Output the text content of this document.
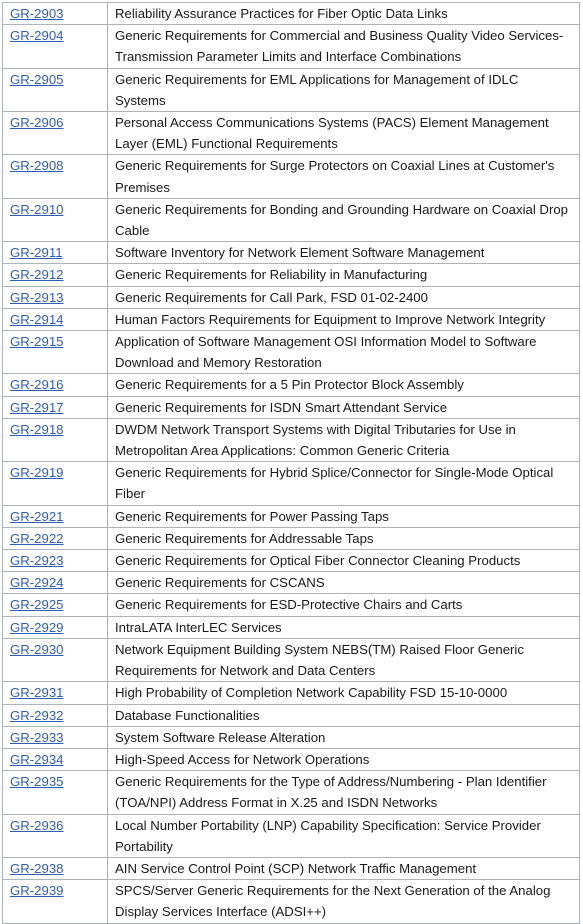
GR-2903	Reliability Assurance Practices for Fiber Optic Data Links
GR-2904	Generic Requirements for Commercial and Business Quality Video Services-Transmission Parameter Limits and Interface Combinations
GR-2905	Generic Requirements for EML Applications for Management of IDLC Systems
GR-2906	Personal Access Communications Systems (PACS) Element Management Layer (EML) Functional Requirements
GR-2908	Generic Requirements for Surge Protectors on Coaxial Lines at Customer's Premises
GR-2910	Generic Requirements for Bonding and Grounding Hardware on Coaxial Drop Cable
GR-2911	Software Inventory for Network Element Software Management
GR-2912	Generic Requirements for Reliability in Manufacturing
GR-2913	Generic Requirements for Call Park, FSD 01-02-2400
GR-2914	Human Factors Requirements for Equipment to Improve Network Integrity
GR-2915	Application of Software Management OSI Information Model to Software Download and Memory Restoration
GR-2916	Generic Requirements for a 5 Pin Protector Block Assembly
GR-2917	Generic Requirements for ISDN Smart Attendant Service
GR-2918	DWDM Network Transport Systems with Digital Tributaries for Use in Metropolitan Area Applications: Common Generic Criteria
GR-2919	Generic Requirements for Hybrid Splice/Connector for Single-Mode Optical Fiber
GR-2921	Generic Requirements for Power Passing Taps
GR-2922	Generic Requirements for Addressable Taps
GR-2923	Generic Requirements for Optical Fiber Connector Cleaning Products
GR-2924	Generic Requirements for CSCANS
GR-2925	Generic Requirements for ESD-Protective Chairs and Carts
GR-2929	IntraLATA InterLEC Services
GR-2930	Network Equipment Building System NEBS(TM) Raised Floor Generic Requirements for Network and Data Centers
GR-2931	High Probability of Completion Network Capability FSD 15-10-0000
GR-2932	Database Functionalities
GR-2933	System Software Release Alteration
GR-2934	High-Speed Access for Network Operations
GR-2935	Generic Requirements for the Type of Address/Numbering - Plan Identifier (TOA/NPI) Address Format in X.25 and ISDN Networks
GR-2936	Local Number Portability (LNP) Capability Specification: Service Provider Portability
GR-2938	AIN Service Control Point (SCP) Network Traffic Management
GR-2939	SPCS/Server Generic Requirements for the Next Generation of the Analog Display Services Interface (ADSI++)
